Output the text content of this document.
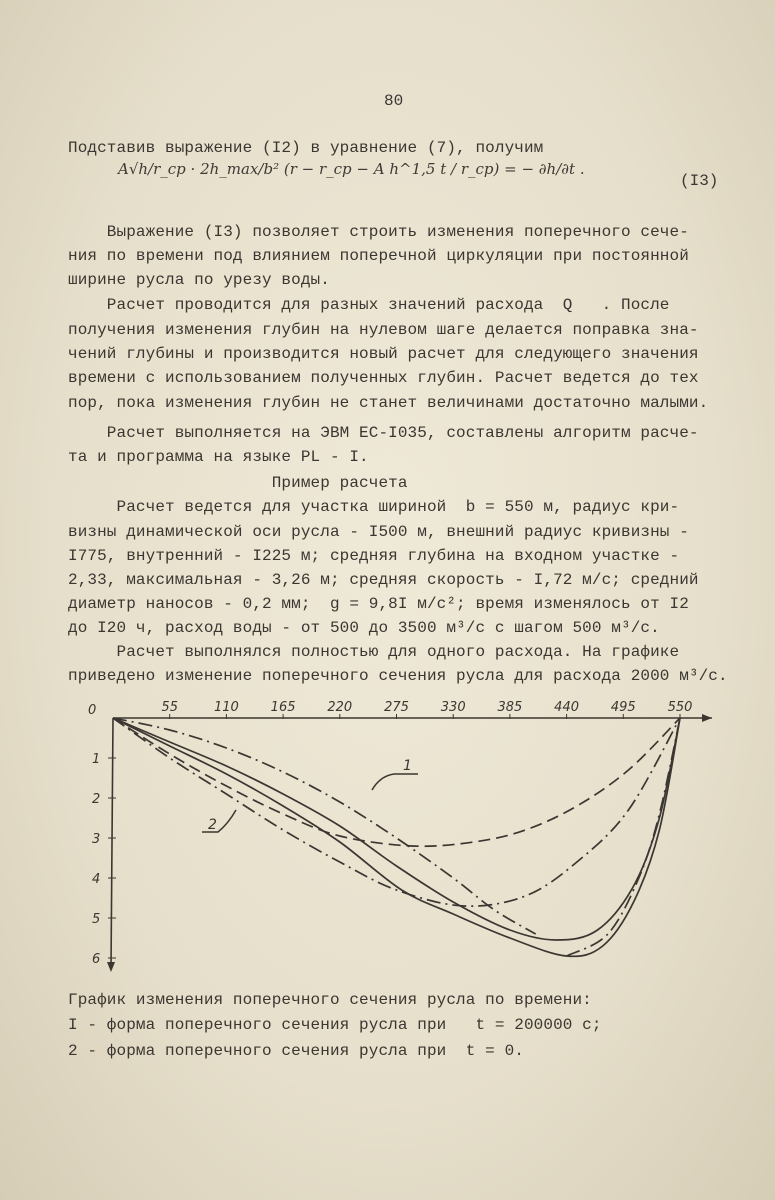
80
Подставив выражение (I2) в уравнение (7), получим
A√h/r_ср · 2h_max/b² (r − r_ср − A h^1,5 t / r_ср) = − ∂h/∂t .
(I3)
Выражение (I3) позволяет строить изменения поперечного сече-
ния по времени под влиянием поперечной циркуляции при постоянной
ширине русла по урезу воды.
Расчет проводится для разных значений расхода  Q   . После
получения изменения глубин на нулевом шаге делается поправка зна-
чений глубины и производится новый расчет для следующего значения
времени с использованием полученных глубин. Расчет ведется до тех
пор, пока изменения глубин не станет величинами достаточно малыми.
Расчет выполняется на ЭВМ ЕС-I035, составлены алгоритм расче-
та и программа на языке PL - I.
Пример расчета
Расчет ведется для участка шириной  b = 550 м, радиус кри-
визны динамической оси русла - I500 м, внешний радиус кривизны -
I775, внутренний - I225 м; средняя глубина на входном участке -
2,33, максимальная - 3,26 м; средняя скорость - I,72 м/с; средний
диаметр наносов - 0,2 мм;  g = 9,8I м/с²; время изменялось от I2
до I20 ч, расход воды - от 500 до 3500 м³/с с шагом 500 м³/с.
Расчет выполнялся полностью для одного расхода. На графике
приведено изменение поперечного сечения русла для расхода 2000 м³/с.
55	110 165 220 275 330 385 440 495 550
0
1
2
3
4
5
6
1
2
График изменения поперечного сечения русла по времени:
I - форма поперечного сечения русла при   t = 200000 с;
2 - форма поперечного сечения русла при  t = 0.
